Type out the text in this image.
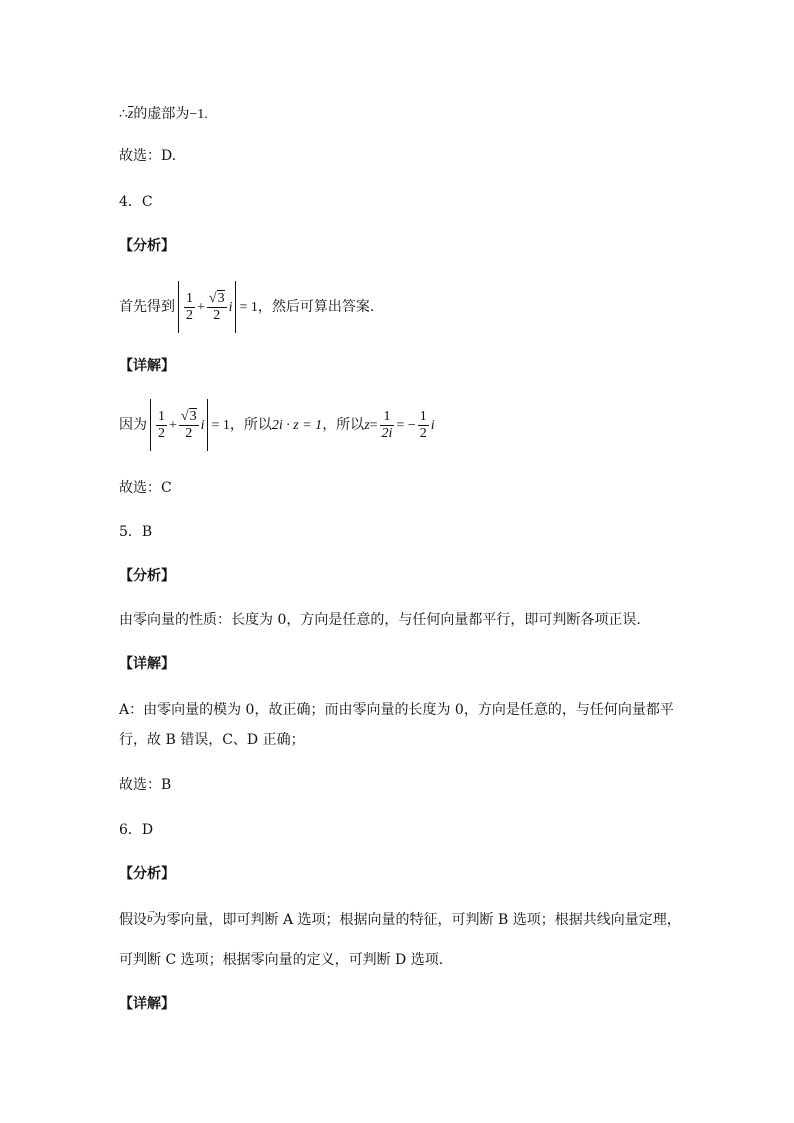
$\therefore\overline{z}$的虚部为−1.
故选：D.
4．C
【分析】
首先得到 $\frac{1}{2} + \frac{√3}{2}$ i = 1，然后可算出答案.
【详解】
因为 $\frac{1}{2} + \frac{√3}{2}$ i = 1，所以2i · z = 1，所以$z= \frac{1}{2i}$ = − $\frac{1}{2}$ i
故选：C
5．B
【分析】
由零向量的性质：长度为 0，方向是任意的，与任何向量都平行，即可判断各项正误.
【详解】
A：由零向量的模为 0，故正确；而由零向量的长度为 0，方向是任意的，与任何向量都平
行，故 B 错误，C、D 正确；
故选：B
6．D
【分析】
假设
→
b为零向量，即可判断 A 选项；根据向量的特征，可判断 B 选项；根据共线向量定理，
可判断 C 选项；根据零向量的定义，可判断 D 选项.
【详解】
